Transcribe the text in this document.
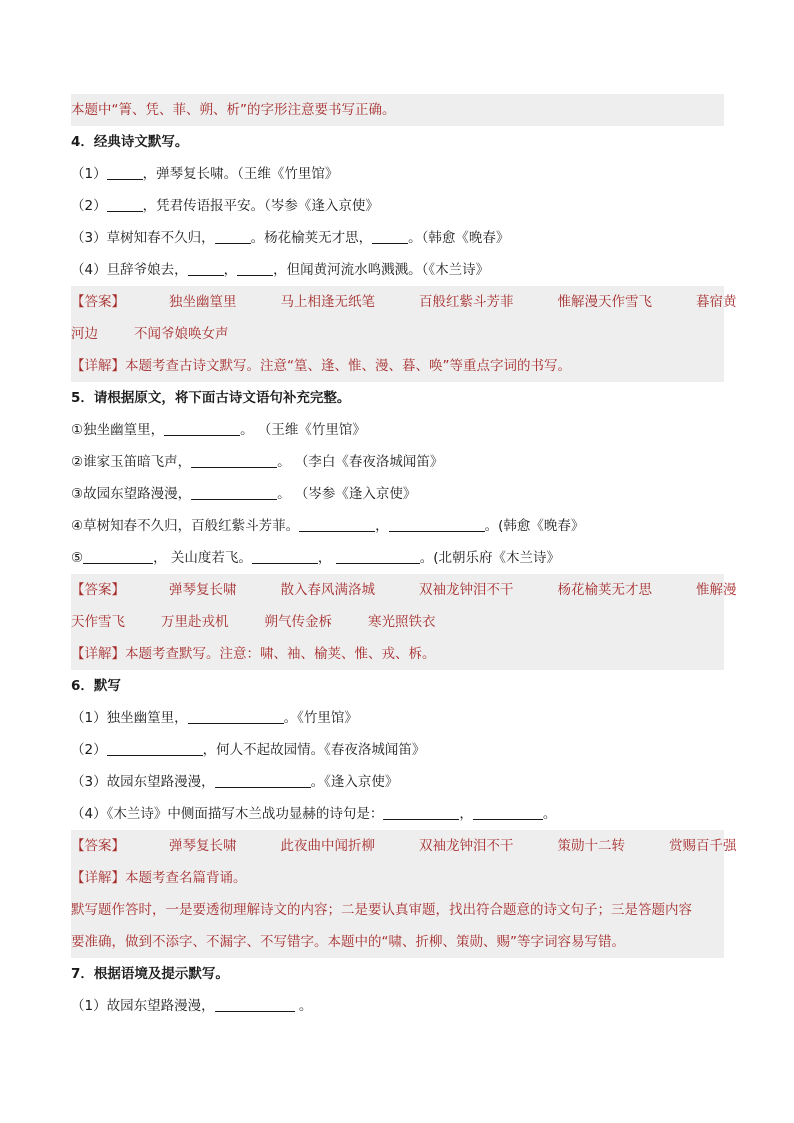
本题中“箐、凭、菲、朔、析”的字形注意要书写正确。
4．经典诗文默写。
（1）	，弹琴复长啸。（王维《竹里馆》
（2）	，凭君传语报平安。（岑参《逢入京使》
（3）草树知春不久归，	。杨花榆荚无才思，	。（韩愈《晚春》
（4）旦辞爷娘去，	，	，但闻黄河流水鸣溅溅。（《木兰诗》
【答案】	独坐幽篁里	马上相逢无纸笔	百般红紫斗芳菲	惟解漫天作雪飞	暮宿黄
河边	不闻爷娘唤女声
【详解】本题考查古诗文默写。注意“篁、逢、惟、漫、暮、唤”等重点字词的书写。
5．请根据原文，将下面古诗文语句补充完整。
①独坐幽篁里，	。 （王维《竹里馆》
②谁家玉笛暗飞声，	。 （李白《春夜洛城闻笛》
③故园东望路漫漫，	。 （岑参《逢入京使》
④草树知春不久归，百般红紫斗芳菲。	，	。(韩愈《晚春》
⑤	， 关山度若飞。	，	。(北朝乐府《木兰诗》
【答案】	弹琴复长啸	散入春风满洛城	双袖龙钟泪不干	杨花榆荚无才思	惟解漫
天作雪飞	万里赴戎机	朔气传金柝	寒光照铁衣
【详解】本题考查默写。注意：啸、袖、榆荚、惟、戎、柝。
6．默写
（1）独坐幽篁里，	。《竹里馆》
（2）	，何人不起故园情。《春夜洛城闻笛》
（3）故园东望路漫漫，	。《逢入京使》
（4）《木兰诗》中侧面描写木兰战功显赫的诗句是：	，	。
【答案】	弹琴复长啸	此夜曲中闻折柳	双袖龙钟泪不干	策勋十二转	赏赐百千强
【详解】本题考查名篇背诵。
默写题作答时，一是要透彻理解诗文的内容；二是要认真审题，找出符合题意的诗文句子；三是答题内容
要准确，做到不添字、不漏字、不写错字。本题中的“啸、折柳、策勋、赐”等字词容易写错。
7．根据语境及提示默写。
（1）故园东望路漫漫，	。
